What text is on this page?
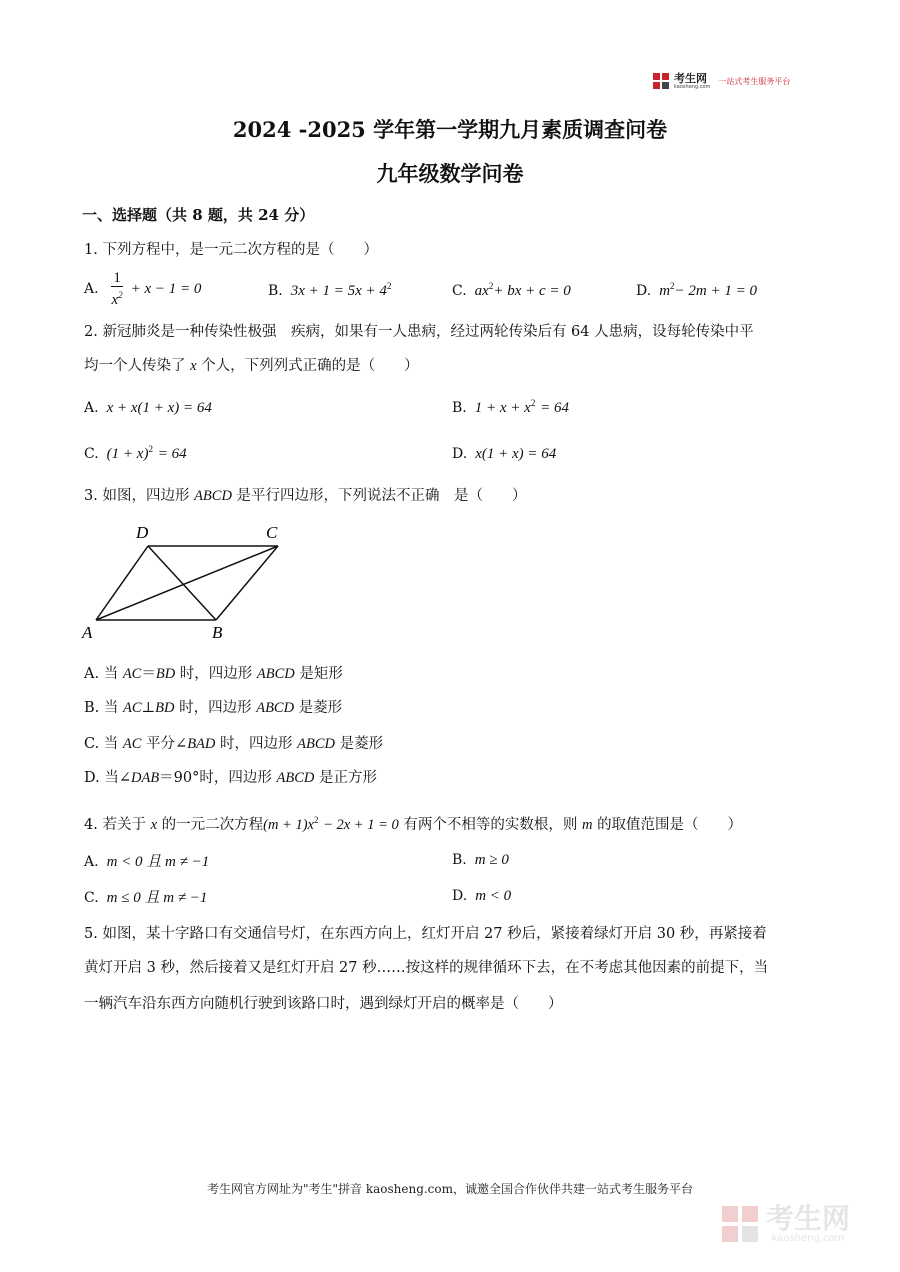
考生网
kaosheng.com
一站式考生服务平台
2024 -2025 学年第一学期九月素质调查问卷
九年级数学问卷
一、选择题（共 8 题，共 24 分）
1. 下列方程中，是一元二次方程的是（　　）
A. $\frac{1}{x^2} + x - 1 = 0$	B. $3x + 1 = 5x + 4^2$	C. $ax^2+$ bx + c = 0	D. $m^2- 2m + 1 = 0$
2. 新冠肺炎是一种传染性极强　疾病，如果有一人患病，经过两轮传染后有 64 人患病，设每轮传染中平
均一个人传染了 x 个人，下列列式正确的是（　　）
A. x + x(1 + x) = 64	B. $1 + x + x^2 = 64$
C. $(1 + x)^2 = 64$	D. x(1 + x) = 64
3. 如图，四边形 ABCD 是平行四边形，下列说法不正确　是（　　）
A	B
C
D
A. 当 AC＝BD 时，四边形 ABCD 是矩形
B. 当 AC⊥BD 时，四边形 ABCD 是菱形
C. 当 AC 平分∠BAD 时，四边形 ABCD 是菱形
D. 当∠DAB＝90°时，四边形 ABCD 是正方形
4. 若关于 x 的一元二次方程$(m + 1)x^2 - 2x + 1 = 0$ 有两个不相等的实数根，则 m 的取值范围是（　　）
A. m < 0 且 m ≠ −1	B. m ≥ 0
C. m ≤ 0 且 m ≠ −1	D. m < 0
5. 如图，某十字路口有交通信号灯，在东西方向上，红灯开启 27 秒后，紧接着绿灯开启 30 秒，再紧接着
黄灯开启 3 秒，然后接着又是红灯开启 27 秒……按这样的规律循环下去，在不考虑其他因素的前提下，当
一辆汽车沿东西方向随机行驶到该路口时，遇到绿灯开启的概率是（　　）
考生网官方网址为"考生"拼音 kaosheng.com，诚邀全国合作伙伴共建一站式考生服务平台
考生网
kaosheng.com
